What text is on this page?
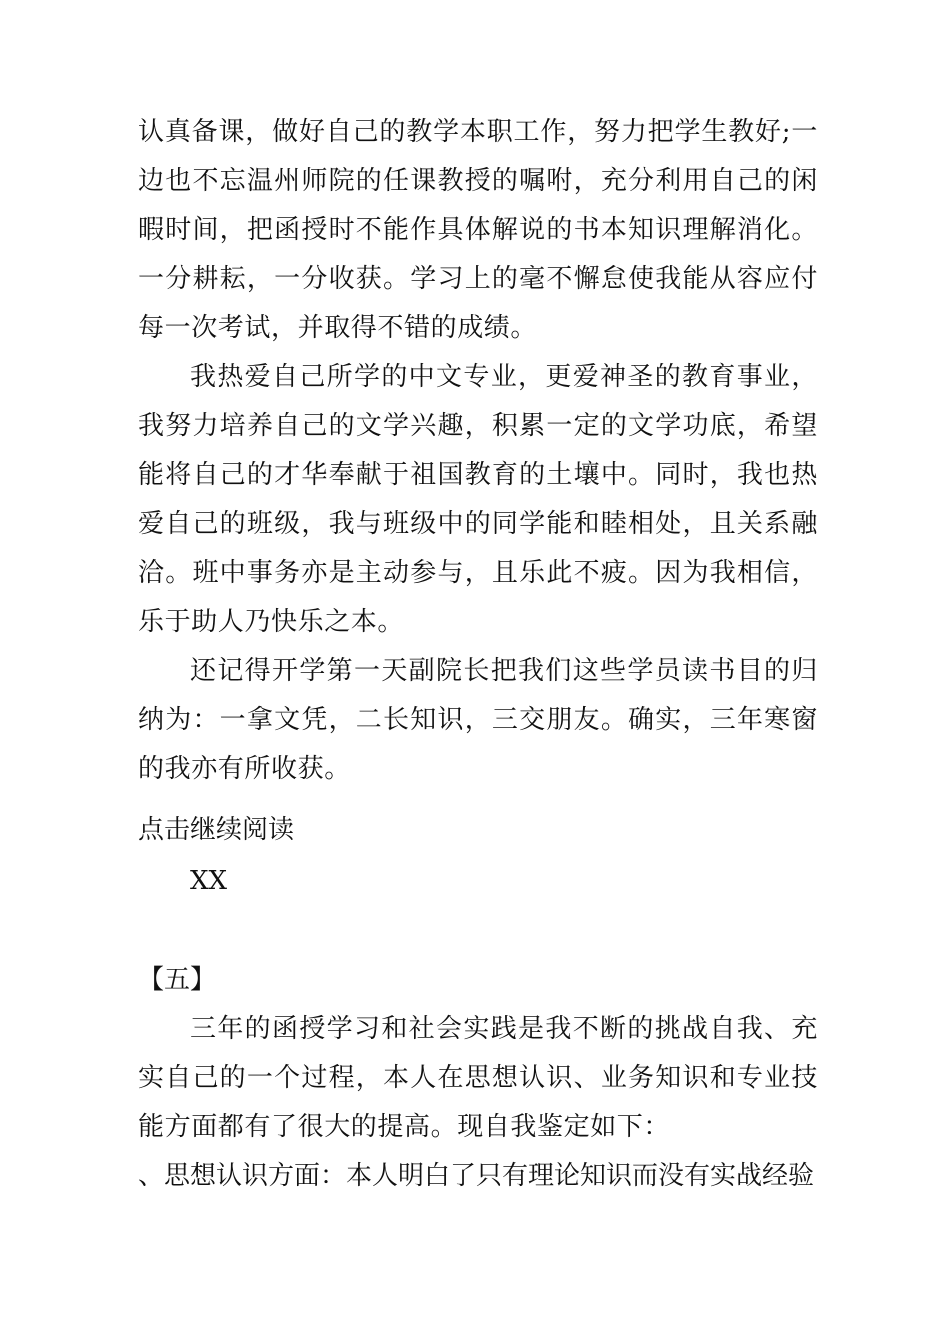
认真备课，做好自己的教学本职工作，努力把学生教好;一边也不忘温州师院的任课教授的嘱咐，充分利用自己的闲暇时间，把函授时不能作具体解说的书本知识理解消化。一分耕耘，一分收获。学习上的毫不懈怠使我能从容应付每一次考试，并取得不错的成绩。

我热爱自己所学的中文专业，更爱神圣的教育事业，我努力培养自己的文学兴趣，积累一定的文学功底，希望能将自己的才华奉献于祖国教育的土壤中。同时，我也热爱自己的班级，我与班级中的同学能和睦相处，且关系融洽。班中事务亦是主动参与，且乐此不疲。因为我相信，乐于助人乃快乐之本。

还记得开学第一天副院长把我们这些学员读书目的归纳为：一拿文凭，二长知识，三交朋友。确实，三年寒窗的我亦有所收获。

点击继续阅读
XX
【五】

三年的函授学习和社会实践是我不断的挑战自我、充实自己的一个过程，本人在思想认识、业务知识和专业技能方面都有了很大的提高。现自我鉴定如下：

、思想认识方面：本人明白了只有理论知识而没有实战经验
